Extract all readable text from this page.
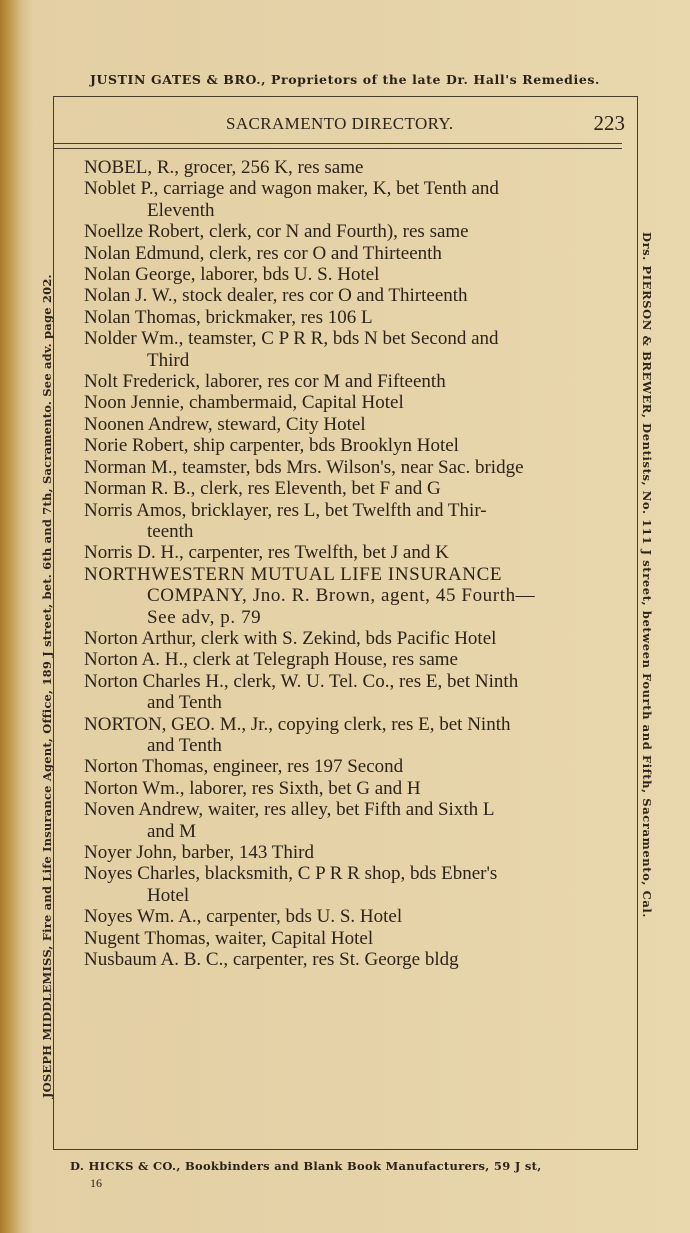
JUSTIN GATES & BRO., Proprietors of the late Dr. Hall's Remedies.
SACRAMENTO DIRECTORY.	223
NOBEL, R., grocer, 256 K, res same
Noblet P., carriage and wagon maker, K, bet Tenth and
Eleventh
Noellze Robert, clerk, cor N and Fourth), res same
Nolan Edmund, clerk, res cor O and Thirteenth
Nolan George, laborer, bds U. S. Hotel
Nolan J. W., stock dealer, res cor O and Thirteenth
Nolan Thomas, brickmaker, res 106 L
Nolder Wm., teamster, C P R R, bds N bet Second and
Third
Nolt Frederick, laborer, res cor M and Fifteenth
Noon Jennie, chambermaid, Capital Hotel
Noonen Andrew, steward, City Hotel
Norie Robert, ship carpenter, bds Brooklyn Hotel
Norman M., teamster, bds Mrs. Wilson's, near Sac. bridge
Norman R. B., clerk, res Eleventh, bet F and G
Norris Amos, bricklayer, res L, bet Twelfth and Thir-
teenth
Norris D. H., carpenter, res Twelfth, bet J and K
NORTHWESTERN MUTUAL LIFE INSURANCE
COMPANY, Jno. R. Brown, agent, 45 Fourth—
See adv, p. 79
Norton Arthur, clerk with S. Zekind, bds Pacific Hotel
Norton A. H., clerk at Telegraph House, res same
Norton Charles H., clerk, W. U. Tel. Co., res E, bet Ninth
and Tenth
NORTON, GEO. M., Jr., copying clerk, res E, bet Ninth
and Tenth
Norton Thomas, engineer, res 197 Second
Norton Wm., laborer, res Sixth, bet G and H
Noven Andrew, waiter, res alley, bet Fifth and Sixth L
and M
Noyer John, barber, 143 Third
Noyes Charles, blacksmith, C P R R shop, bds Ebner's
Hotel
Noyes Wm. A., carpenter, bds U. S. Hotel
Nugent Thomas, waiter, Capital Hotel
Nusbaum A. B. C., carpenter, res St. George bldg
JOSEPH MIDDLEMISS, Fire and Life Insurance Agent, Office, 189 J street, bet. 6th and 7th, Sacramento. See adv. page 202.	Drs. PIERSON & BREWER, Dentists, No. 111 J street, between Fourth and Fifth, Sacramento, Cal.
D. HICKS & CO., Bookbinders and Blank Book Manufacturers, 59 J st,
16
